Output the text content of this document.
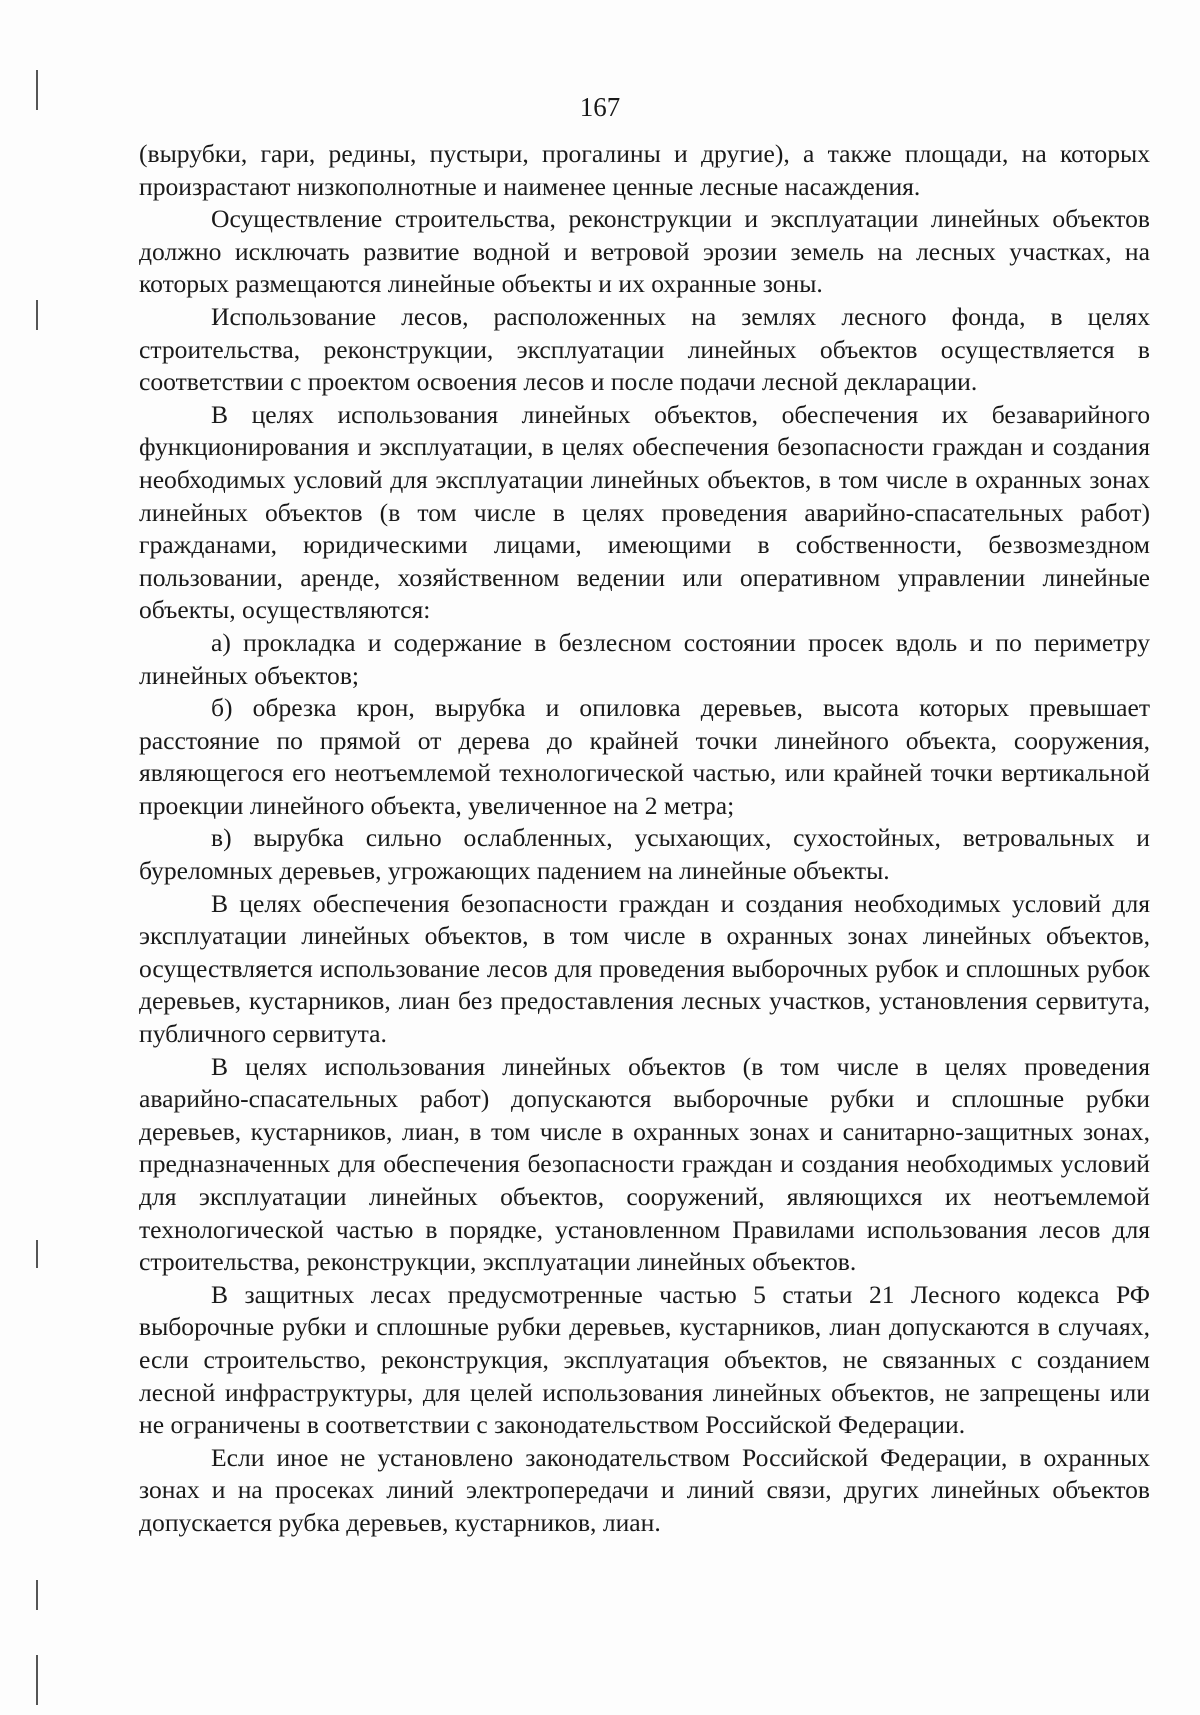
167

(вырубки, гари, редины, пустыри, прогалины и другие), а также площади, на которых произрастают низкополнотные и наименее ценные лесные насаждения.

Осуществление строительства, реконструкции и эксплуатации линейных объектов должно исключать развитие водной и ветровой эрозии земель на лесных участках, на которых размещаются линейные объекты и их охранные зоны.

Использование лесов, расположенных на землях лесного фонда, в целях строительства, реконструкции, эксплуатации линейных объектов осуществляется в соответствии с проектом освоения лесов и после подачи лесной декларации.

В целях использования линейных объектов, обеспечения их безаварийного функционирования и эксплуатации, в целях обеспечения безопасности граждан и создания необходимых условий для эксплуатации линейных объектов, в том числе в охранных зонах линейных объектов (в том числе в целях проведения аварийно-спасательных работ) гражданами, юридическими лицами, имеющими в собственности, безвозмездном пользовании, аренде, хозяйственном ведении или оперативном управлении линейные объекты, осуществляются:

а) прокладка и содержание в безлесном состоянии просек вдоль и по периметру линейных объектов;

б) обрезка крон, вырубка и опиловка деревьев, высота которых превышает расстояние по прямой от дерева до крайней точки линейного объекта, сооружения, являющегося его неотъемлемой технологической частью, или крайней точки вертикальной проекции линейного объекта, увеличенное на 2 метра;

в) вырубка сильно ослабленных, усыхающих, сухостойных, ветровальных и буреломных деревьев, угрожающих падением на линейные объекты.

В целях обеспечения безопасности граждан и создания необходимых условий для эксплуатации линейных объектов, в том числе в охранных зонах линейных объектов, осуществляется использование лесов для проведения выборочных рубок и сплошных рубок деревьев, кустарников, лиан без предоставления лесных участков, установления сервитута, публичного сервитута.

В целях использования линейных объектов (в том числе в целях проведения аварийно-спасательных работ) допускаются выборочные рубки и сплошные рубки деревьев, кустарников, лиан, в том числе в охранных зонах и санитарно-защитных зонах, предназначенных для обеспечения безопасности граждан и создания необходимых условий для эксплуатации линейных объектов, сооружений, являющихся их неотъемлемой технологической частью в порядке, установленном Правилами использования лесов для строительства, реконструкции, эксплуатации линейных объектов.

В защитных лесах предусмотренные частью 5 статьи 21 Лесного кодекса РФ выборочные рубки и сплошные рубки деревьев, кустарников, лиан допускаются в случаях, если строительство, реконструкция, эксплуатация объектов, не связанных с созданием лесной инфраструктуры, для целей использования линейных объектов, не запрещены или не ограничены в соответствии с законодательством Российской Федерации.

Если иное не установлено законодательством Российской Федерации, в охранных зонах и на просеках линий электропередачи и линий связи, других линейных объектов допускается рубка деревьев, кустарников, лиан.
